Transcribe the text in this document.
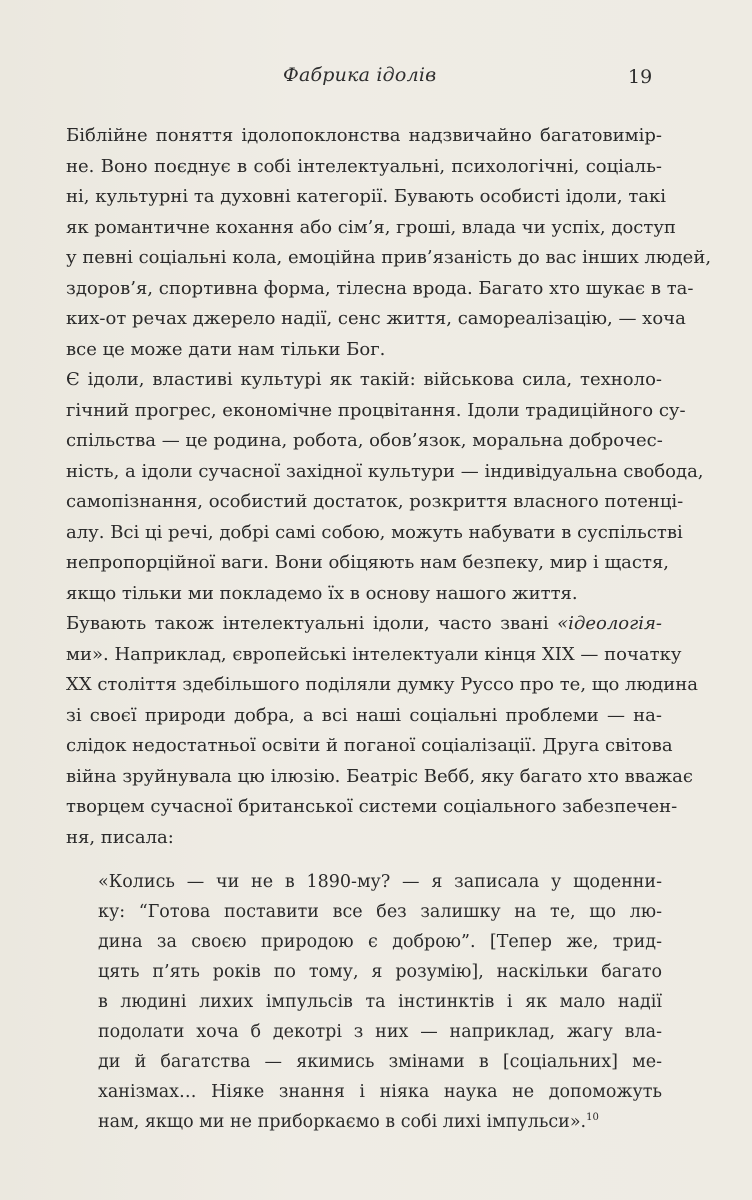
Фабрика ідолів	19
Біблійне поняття ідолопоклонства надзвичайно багатовимір-
не. Воно поєднує в собі інтелектуальні, психологічні, соціаль-
ні, культурні та духовні категорії. Бувають особисті ідоли, такі
як романтичне кохання або сім’я, гроші, влада чи успіх, доступ
у певні соціальні кола, емоційна прив’язаність до вас інших людей,
здоров’я, спортивна форма, тілесна врода. Багато хто шукає в та-
ких-от речах джерело надії, сенс життя, самореалізацію, — хоча
все це може дати нам тільки Бог.
Є ідоли, властиві культурі як такій: військова сила, техноло-
гічний прогрес, економічне процвітання. Ідоли традиційного су-
спільства — це родина, робота, обов’язок, моральна доброчес-
ність, а ідоли сучасної західної культури — індивідуальна свобода,
самопізнання, особистий достаток, розкриття власного потенці-
алу. Всі ці речі, добрі самі собою, можуть набувати в суспільстві
непропорційної ваги. Вони обіцяють нам безпеку, мир і щастя,
якщо тільки ми покладемо їх в основу нашого життя.
Бувають також інтелектуальні ідоли, часто звані «ідеологія-
ми». Наприклад, європейські інтелектуали кінця XIX — початку
XX століття здебільшого поділяли думку Руссо про те, що людина
зі своєї природи добра, а всі наші соціальні проблеми — на-
слідок недостатньої освіти й поганої соціалізації. Друга світова
війна зруйнувала цю ілюзію. Беатріс Вебб, яку багато хто вважає
творцем сучасної британської системи соціального забезпечен-
ня, писала:
«Колись — чи не в 1890-му? — я записала у щоденни-
ку: “Готова поставити все без залишку на те, що лю-
дина за своєю природою є доброю”. [Тепер же, трид-
цять п’ять років по тому, я розумію], наскільки багато
в людині лихих імпульсів та інстинктів і як мало надії
подолати хоча б декотрі з них — наприклад, жагу вла-
ди й багатства — якимись змінами в [соціальних] ме-
ханізмах… Ніяке знання і ніяка наука не допоможуть
нам, якщо ми не приборкаємо в собі лихі імпульси».$^{10}$
